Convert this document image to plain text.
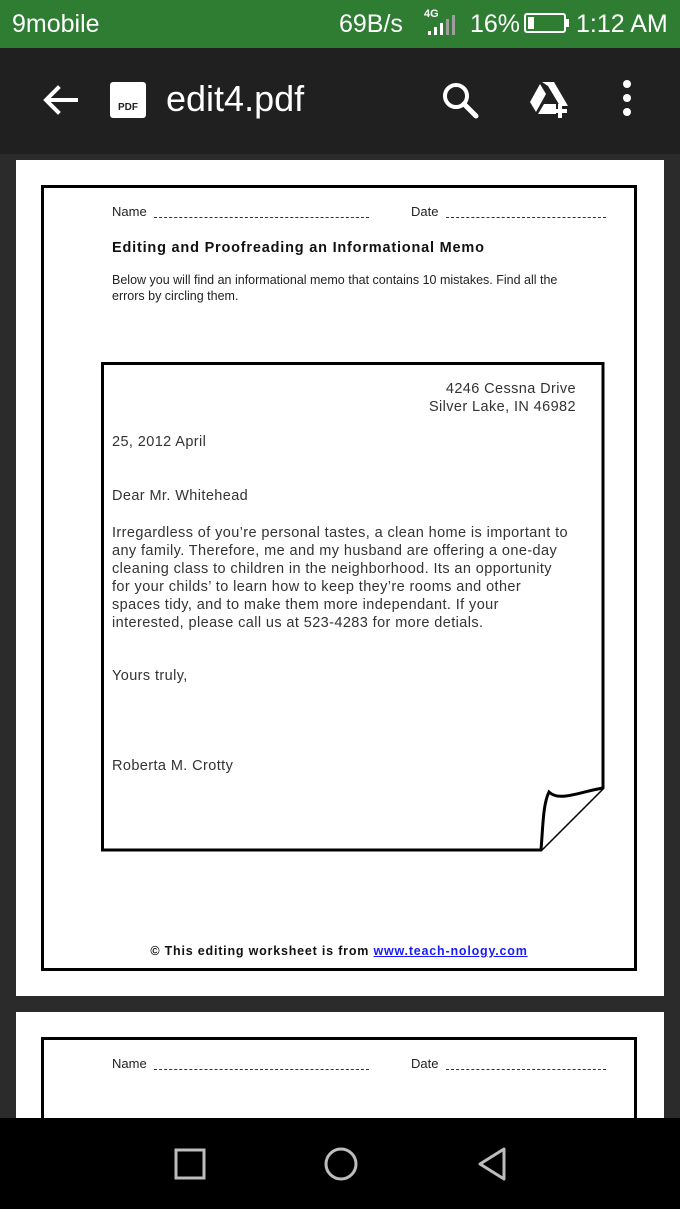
9mobile	69B/s 4G 16% 1:12 AM
PDF edit4.pdf
Name	Date
Editing and Proofreading an Informational Memo
Below you will find an informational memo that contains 10 mistakes. Find all the errors by circling them.
4246 Cessna Drive
Silver Lake, IN 46982
25, 2012 April
Dear Mr. Whitehead
Irregardless of you’re personal tastes, a clean home is important to any family. Therefore, me and my husband are offering a one-day cleaning class to children in the neighborhood. Its an opportunity for your childs’ to learn how to keep they’re rooms and other spaces tidy, and to make them more independant. If your interested, please call us at 523-4283 for more detials.
Yours truly,
Roberta M. Crotty
© This editing worksheet is from www.teach-nology.com
Name	Date
